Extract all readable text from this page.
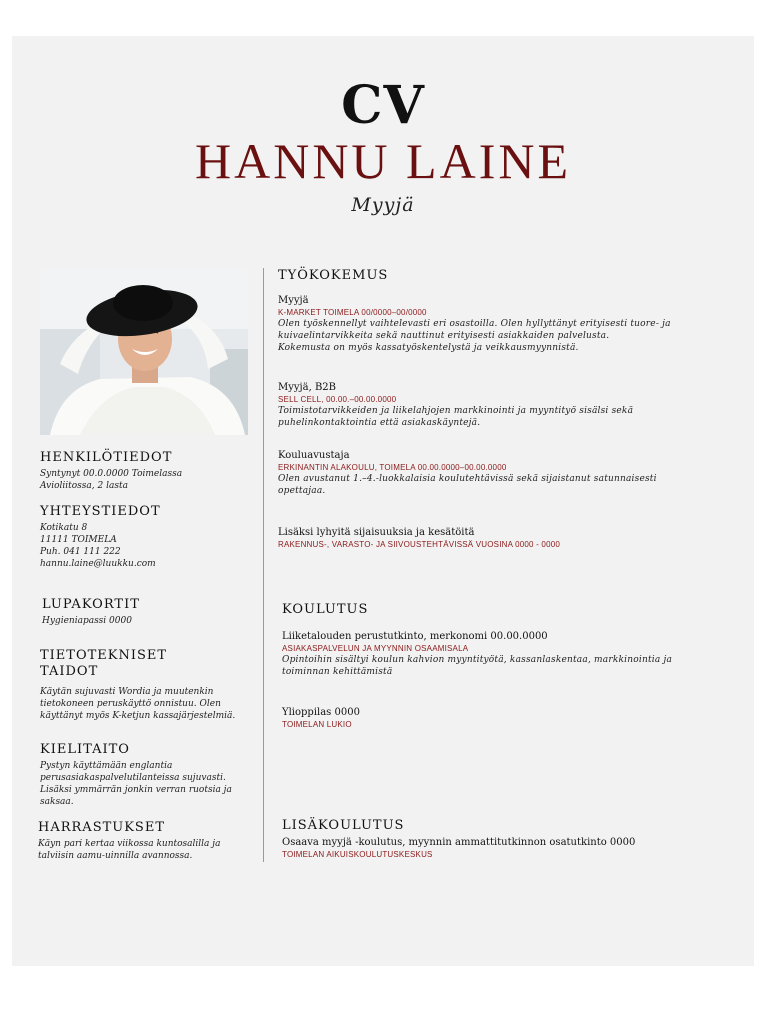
CV
HANNU LAINE
Myyjä
HENKILÖTIEDOT

Syntynyt 00.0.0000 Toimelassa

Avioliitossa, 2 lasta

YHTEYSTIEDOT

Kotikatu 8

11111 TOIMELA

Puh. 041 111 222

hannu.laine@luukku.com

LUPAKORTIT

Hygieniapassi 0000

TIETOTEKNISET
TAIDOT

Käytän sujuvasti Wordia ja muutenkin

tietokoneen peruskäyttö onnistuu. Olen

käyttänyt myös K-ketjun kassajärjestelmiä.

KIELITAITO

Pystyn käyttämään englantia

perusasiakaspalvelutilanteissa sujuvasti.

Lisäksi ymmärrän jonkin verran ruotsia ja

saksaa.

HARRASTUKSET

Käyn pari kertaa viikossa kuntosalilla ja

talviisin aamu-uinnilla avannossa.

TYÖKOKEMUS

Myyjä

K-MARKET TOIMELA 00/0000–00/0000

Olen työskennellyt vaihtelevasti eri osastoilla. Olen hyllyttänyt erityisesti tuore- ja

kuivaelintarvikkeita sekä nauttinut erityisesti asiakkaiden palvelusta.

Kokemusta on myös kassatyöskentelystä ja veikkausmyynnistä.

Myyjä, B2B

SELL CELL, 00.00.–00.00.0000

Toimistotarvikkeiden ja liikelahjojen markkinointi ja myyntityö sisälsi sekä

puhelinkontaktointia että asiakaskäyntejä.

Kouluavustaja

ERKINANTIN ALAKOULU, TOIMELA 00.00.0000–00.00.0000

Olen avustanut 1.–4.-luokkalaisia koulutehtävissä sekä sijaistanut satunnaisesti

opettajaa.

Lisäksi lyhyitä sijaisuuksia ja kesätöitä

RAKENNUS-, VARASTO- JA SIIVOUSTEHTÄVISSÄ VUOSINA 0000 - 0000

KOULUTUS

Liiketalouden perustutkinto, merkonomi 00.00.0000

ASIAKASPALVELUN JA MYYNNIN OSAAMISALA

Opintoihin sisältyi koulun kahvion myyntityötä, kassanlaskentaa, markkinointia ja

toiminnan kehittämistä

Ylioppilas 0000

TOIMELAN LUKIO

LISÄKOULUTUS

Osaava myyjä -koulutus, myynnin ammattitutkinnon osatutkinto 0000

TOIMELAN AIKUISKOULUTUSKESKUS
